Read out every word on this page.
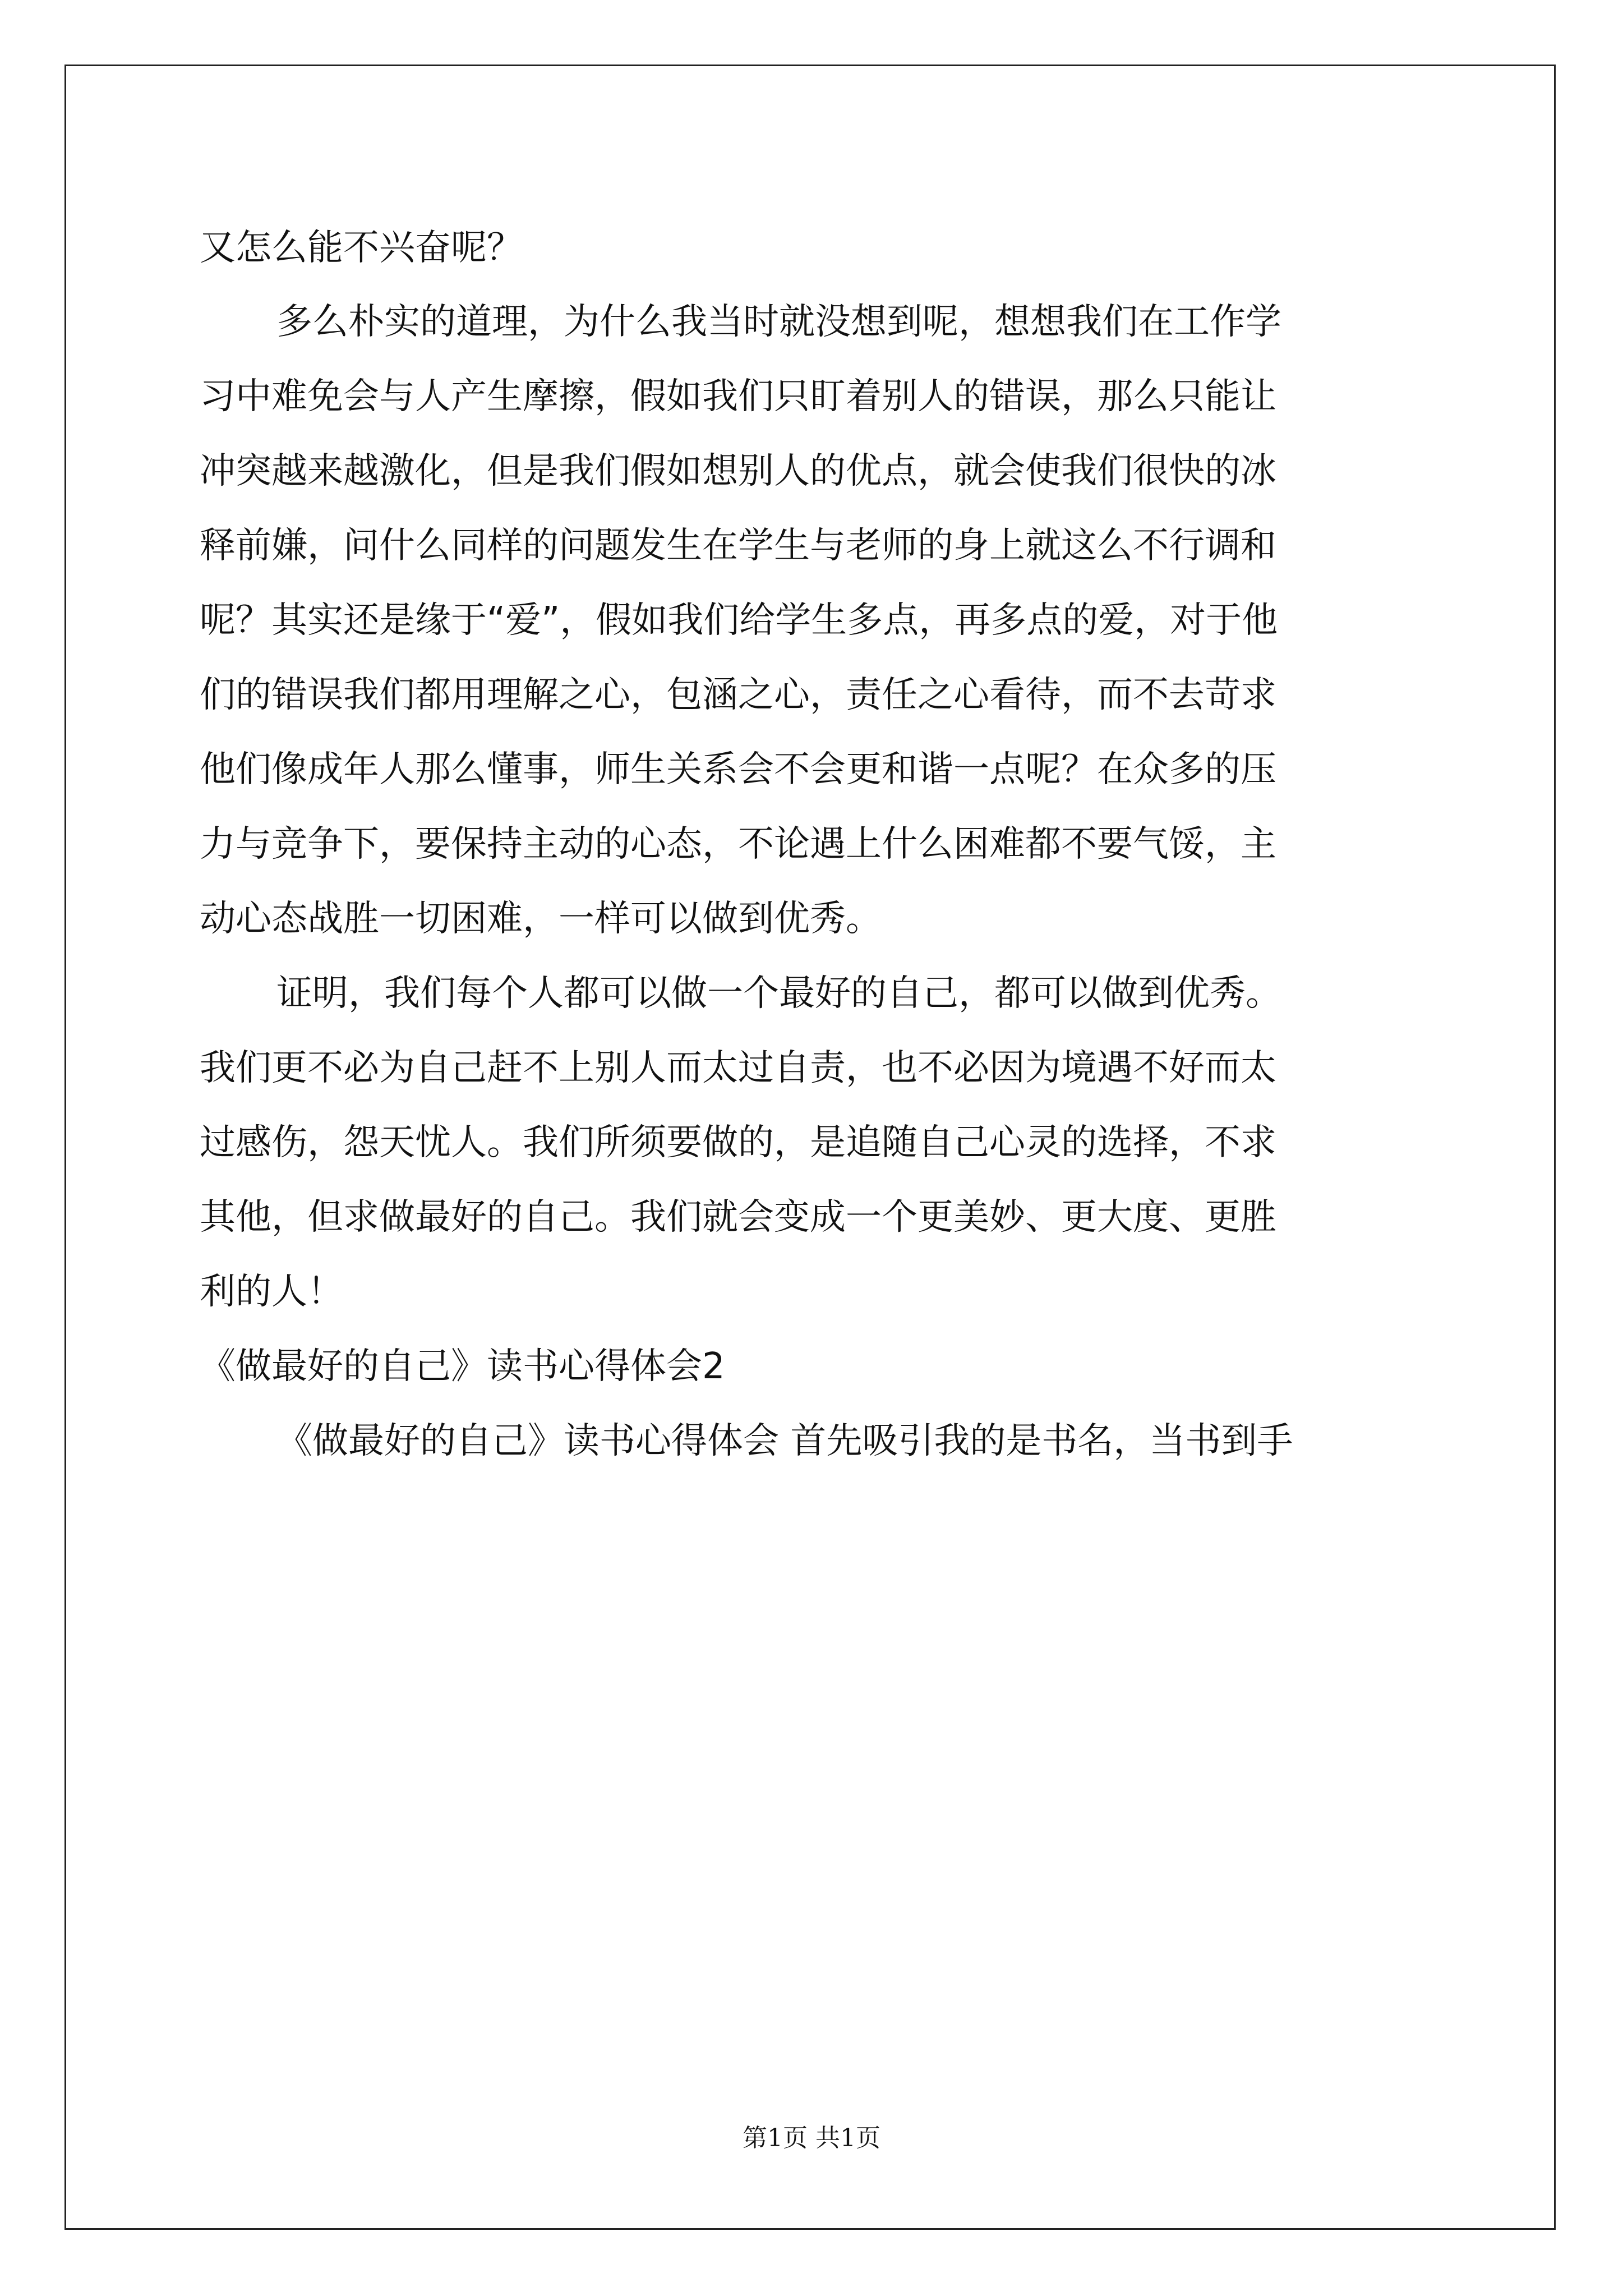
又怎么能不兴奋呢？
多么朴实的道理，为什么我当时就没想到呢，想想我们在工作学
习中难免会与人产生摩擦，假如我们只盯着别人的错误，那么只能让
冲突越来越激化，但是我们假如想别人的优点，就会使我们很快的冰
释前嫌，问什么同样的问题发生在学生与老师的身上就这么不行调和
呢？其实还是缘于“爱”，假如我们给学生多点，再多点的爱，对于他
们的错误我们都用理解之心，包涵之心，责任之心看待，而不去苛求
他们像成年人那么懂事，师生关系会不会更和谐一点呢？在众多的压
力与竞争下，要保持主动的心态，不论遇上什么困难都不要气馁，主
动心态战胜一切困难，一样可以做到优秀。
证明，我们每个人都可以做一个最好的自己，都可以做到优秀。
我们更不必为自己赶不上别人而太过自责，也不必因为境遇不好而太
过感伤，怨天忧人。我们所须要做的，是追随自己心灵的选择，不求
其他，但求做最好的自己。我们就会变成一个更美妙、更大度、更胜
利的人！
《做最好的自己》读书心得体会2
《做最好的自己》读书心得体会 首先吸引我的是书名，当书到手
第1页 共1页
